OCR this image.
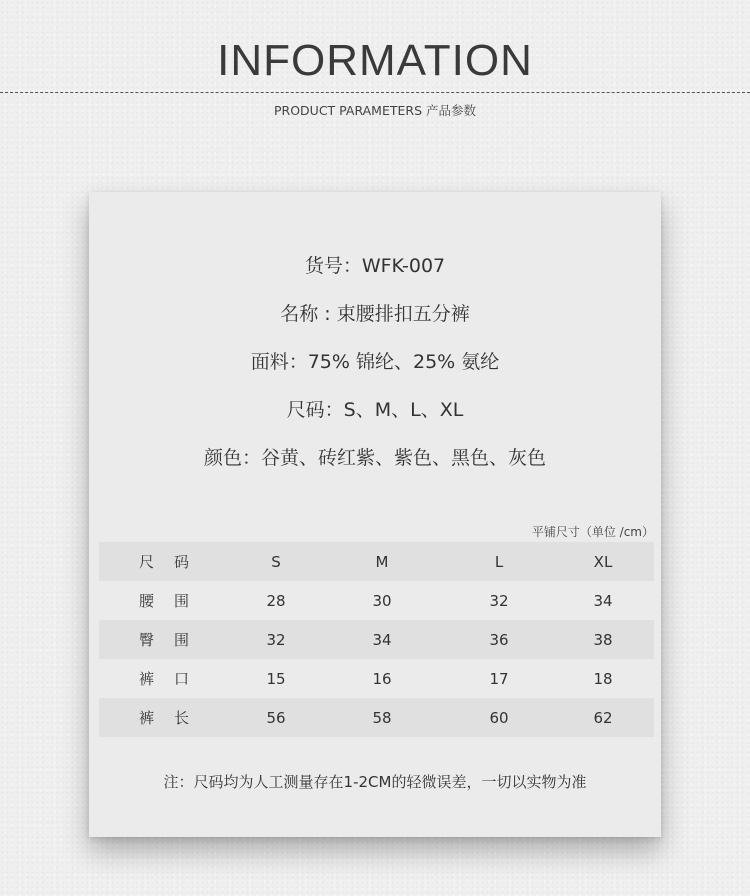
INFORMATION
PRODUCT PARAMETERS 产品参数
货号：WFK-007
名称 : 束腰排扣五分裤
面料：75% 锦纶、25% 氨纶
尺码：S、M、L、XL
颜色：谷黄、砖红紫、紫色、黑色、灰色
平铺尺寸（单位 /cm）
尺	码	S	M	L	XL
腰	围	28	30	32	34
臀	围	32	34	36	38
裤	口	15	16	17	18
裤	长	56	58	60	62
注：尺码均为人工测量存在1-2CM的轻微误差，一切以实物为准
